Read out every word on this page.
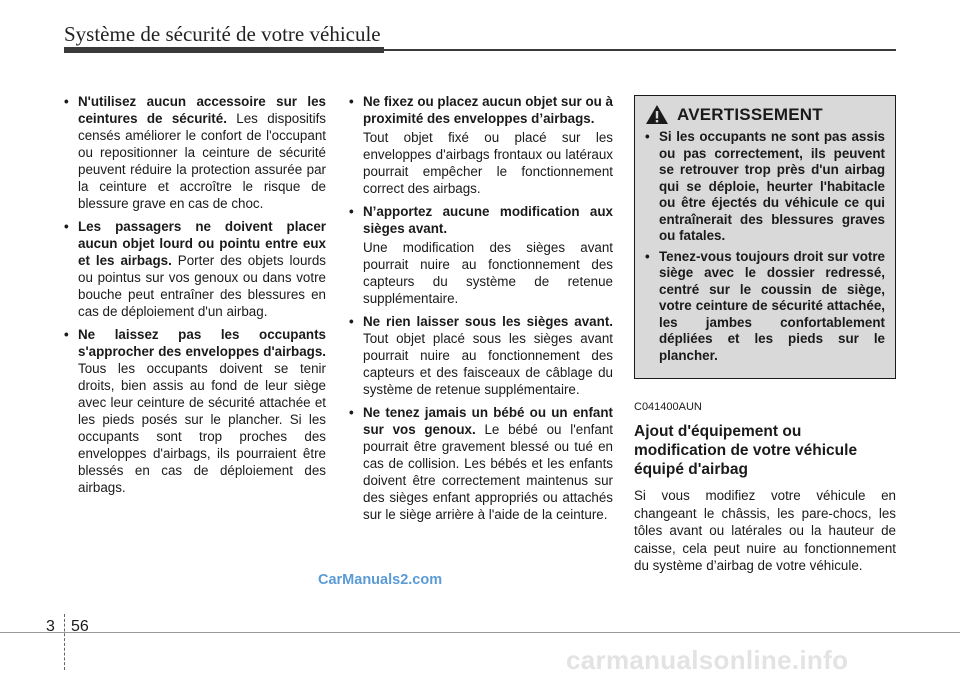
Système de sécurité de votre véhicule
• N'utilisez aucun accessoire sur les ceintures de sécurité. Les dispositifs censés améliorer le confort de l'occupant ou repositionner la ceinture de sécurité peuvent réduire la protection assurée par la ceinture et accroître le risque de blessure grave en cas de choc.
• Les passagers ne doivent placer aucun objet lourd ou pointu entre eux et les airbags. Porter des objets lourds ou pointus sur vos genoux ou dans votre bouche peut entraîner des blessures en cas de déploiement d'un airbag.
• Ne laissez pas les occupants s'approcher des enveloppes d'airbags. Tous les occupants doivent se tenir droits, bien assis au fond de leur siège avec leur ceinture de sécurité attachée et les pieds posés sur le plancher. Si les occupants sont trop proches des enveloppes d'airbags, ils pourraient être blessés en cas de déploiement des airbags.
• Ne fixez ou placez aucun objet sur ou à proximité des enveloppes d’airbags.
Tout objet fixé ou placé sur les enveloppes d'airbags frontaux ou latéraux pourrait empêcher le fonctionnement correct des airbags.
• N’apportez aucune modification aux sièges avant.
Une modification des sièges avant pourrait nuire au fonctionnement des capteurs du système de retenue supplémentaire.
• Ne rien laisser sous les sièges avant. Tout objet placé sous les sièges avant pourrait nuire au fonctionnement des capteurs et des faisceaux de câblage du système de retenue supplémentaire.
• Ne tenez jamais un bébé ou un enfant sur vos genoux. Le bébé ou l'enfant pourrait être gravement blessé ou tué en cas de collision. Les bébés et les enfants doivent être correctement maintenus sur des sièges enfant appropriés ou attachés sur le siège arrière à l'aide de la ceinture.
AVERTISSEMENT
• Si les occupants ne sont pas assis ou pas correctement, ils peuvent se retrouver trop près d'un airbag qui se déploie, heurter l'habitacle ou être éjectés du véhicule ce qui entraînerait des blessures graves ou fatales.
• Tenez-vous toujours droit sur votre siège avec le dossier redressé, centré sur le coussin de siège, votre ceinture de sécurité attachée, les jambes confortablement dépliées et les pieds sur le plancher.
C041400AUN
Ajout d'équipement ou modification de votre véhicule équipé d'airbag
Si vous modifiez votre véhicule en changeant le châssis, les pare-chocs, les tôles avant ou latérales ou la hauteur de caisse, cela peut nuire au fonctionnement du système d’airbag de votre véhicule.
CarManuals2.com
3 56
carmanualsonline.info
